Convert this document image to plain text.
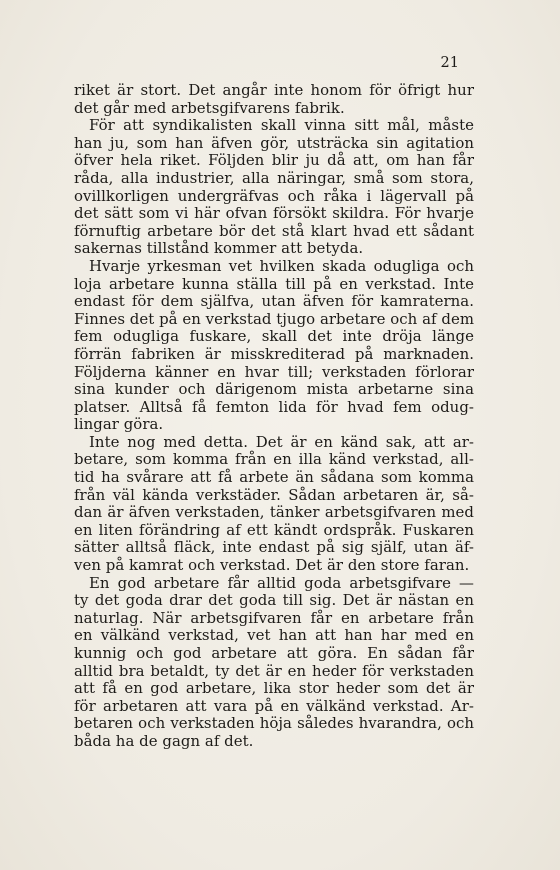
21
riket är stort. Det angår inte honom för öfrigt hur
det går med arbetsgifvarens fabrik.
För att syndikalisten skall vinna sitt mål, måste
han ju, som han äfven gör, utsträcka sin agitation
öfver hela riket. Följden blir ju då att, om han får
råda, alla industrier, alla näringar, små som stora,
ovillkorligen undergräfvas och råka i lägervall på
det sätt som vi här ofvan försökt skildra. För hvarje
förnuftig arbetare bör det stå klart hvad ett sådant
sakernas tillstånd kommer att betyda.
Hvarje yrkesman vet hvilken skada odugliga och
loja arbetare kunna ställa till på en verkstad. Inte
endast för dem själfva, utan äfven för kamraterna.
Finnes det på en verkstad tjugo arbetare och af dem
fem odugliga fuskare, skall det inte dröja länge
förrän fabriken är misskrediterad på marknaden.
Följderna känner en hvar till; verkstaden förlorar
sina kunder och därigenom mista arbetarne sina
platser. Alltså få femton lida för hvad fem odug-
lingar göra.
Inte nog med detta. Det är en känd sak, att ar-
betare, som komma från en illa känd verkstad, all-
tid ha svårare att få arbete än sådana som komma
från väl kända verkstäder. Sådan arbetaren är, så-
dan är äfven verkstaden, tänker arbetsgifvaren med
en liten förändring af ett kändt ordspråk. Fuskaren
sätter alltså fläck, inte endast på sig själf, utan äf-
ven på kamrat och verkstad. Det är den store faran.
En god arbetare får alltid goda arbetsgifvare —
ty det goda drar det goda till sig. Det är nästan en
naturlag. När arbetsgifvaren får en arbetare från
en välkänd verkstad, vet han att han har med en
kunnig och god arbetare att göra. En sådan får
alltid bra betaldt, ty det är en heder för verkstaden
att få en god arbetare, lika stor heder som det är
för arbetaren att vara på en välkänd verkstad. Ar-
betaren och verkstaden höja således hvarandra, och
båda ha de gagn af det.
